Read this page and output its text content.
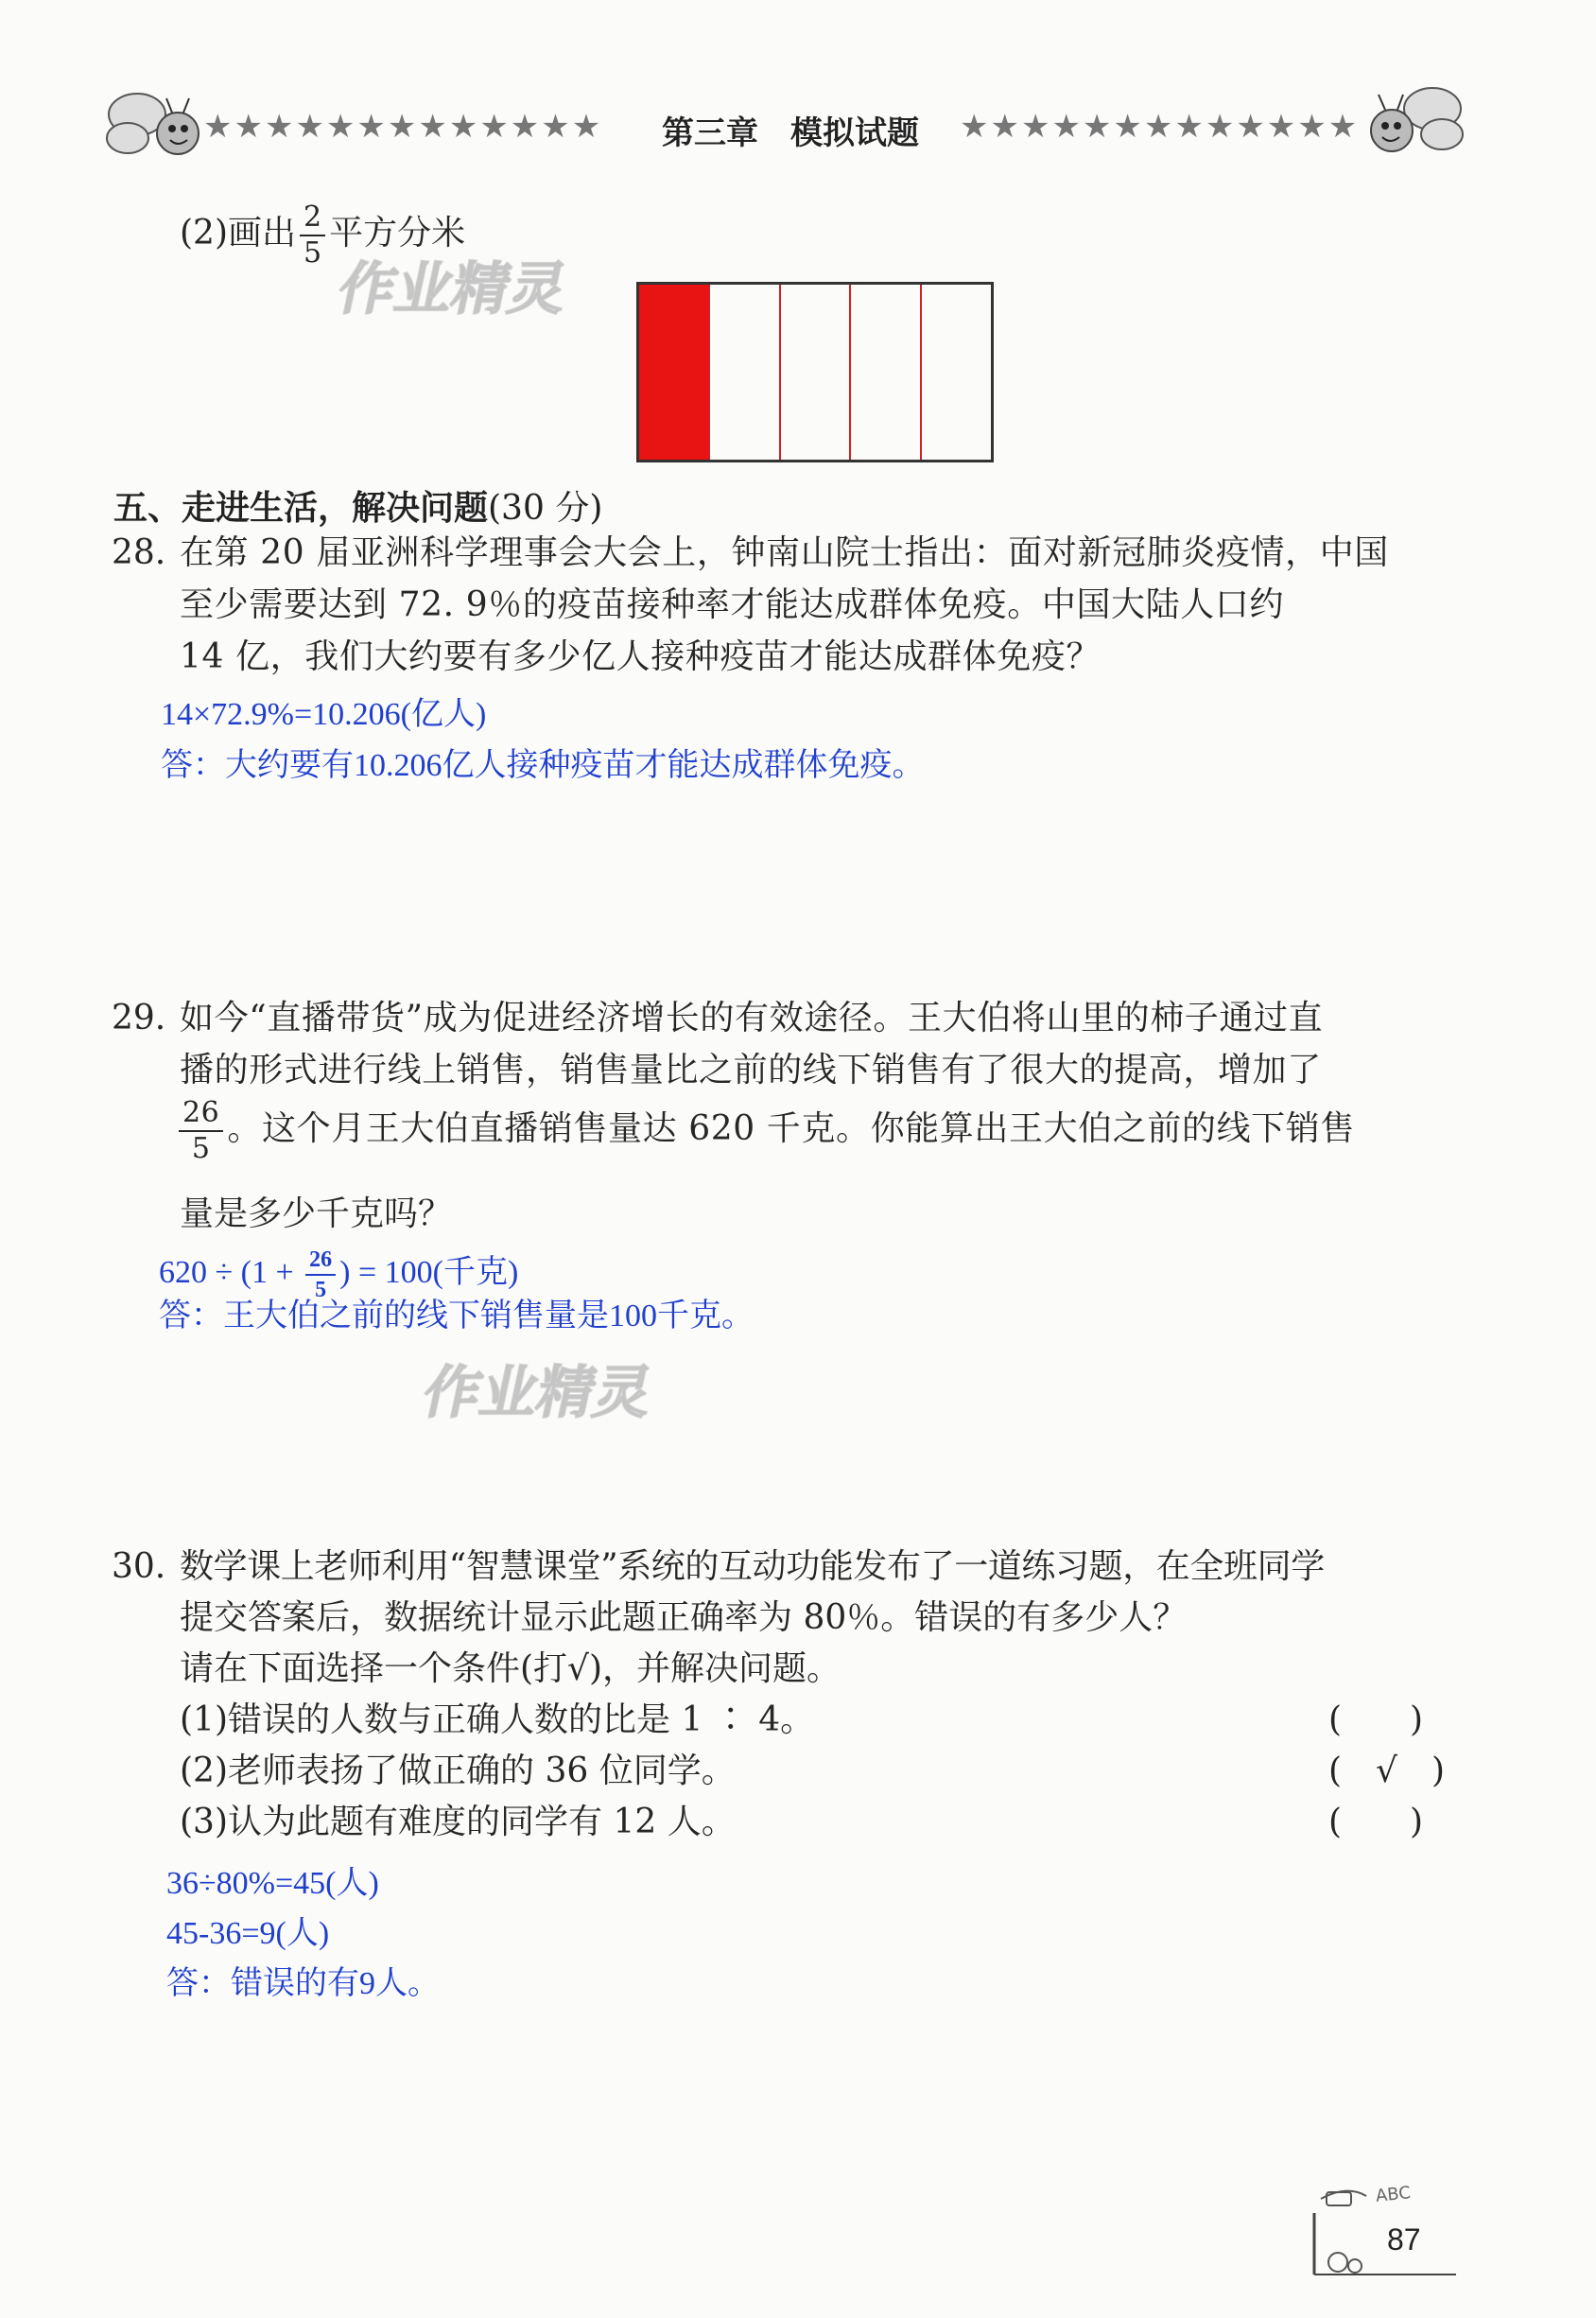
★★★★★★★★★★★★★ 第三章　模拟试题 ★★★★★★★★★★★★★
(2)画出 $\frac{2}{5}$ 平方分米
作业精灵
五、走进生活，解决问题(30 分)
28. 在第 20 届亚洲科学理事会大会上，钟南山院士指出：面对新冠肺炎疫情，中国
至少需要达到 72. 9％的疫苗接种率才能达成群体免疫。中国大陆人口约
14 亿，我们大约要有多少亿人接种疫苗才能达成群体免疫？
14×72.9%=10.206(亿人)
答：大约要有10.206亿人接种疫苗才能达成群体免疫。
29. 如今“直播带货”成为促进经济增长的有效途径。王大伯将山里的柿子通过直
播的形式进行线上销售，销售量比之前的线下销售有了很大的提高，增加了
$\frac{26}{5}$ 。这个月王大伯直播销售量达 620 千克。你能算出王大伯之前的线下销售
量是多少千克吗？
$620 \div (1 + \frac{26}{5}$ ) = 100(千克)
答：王大伯之前的线下销售量是100千克。
作业精灵
30. 数学课上老师利用“智慧课堂”系统的互动功能发布了一道练习题，在全班同学
提交答案后，数据统计显示此题正确率为 80％。错误的有多少人？
请在下面选择一个条件(打√)，并解决问题。
(1)错误的人数与正确人数的比是 1 ∶ 4。	(　　)
(2)老师表扬了做正确的 36 位同学。	(　√　)
(3)认为此题有难度的同学有 12 人。	(　　)
36÷80%=45(人)
45-36=9(人)
答：错误的有9人。
ABC
87
